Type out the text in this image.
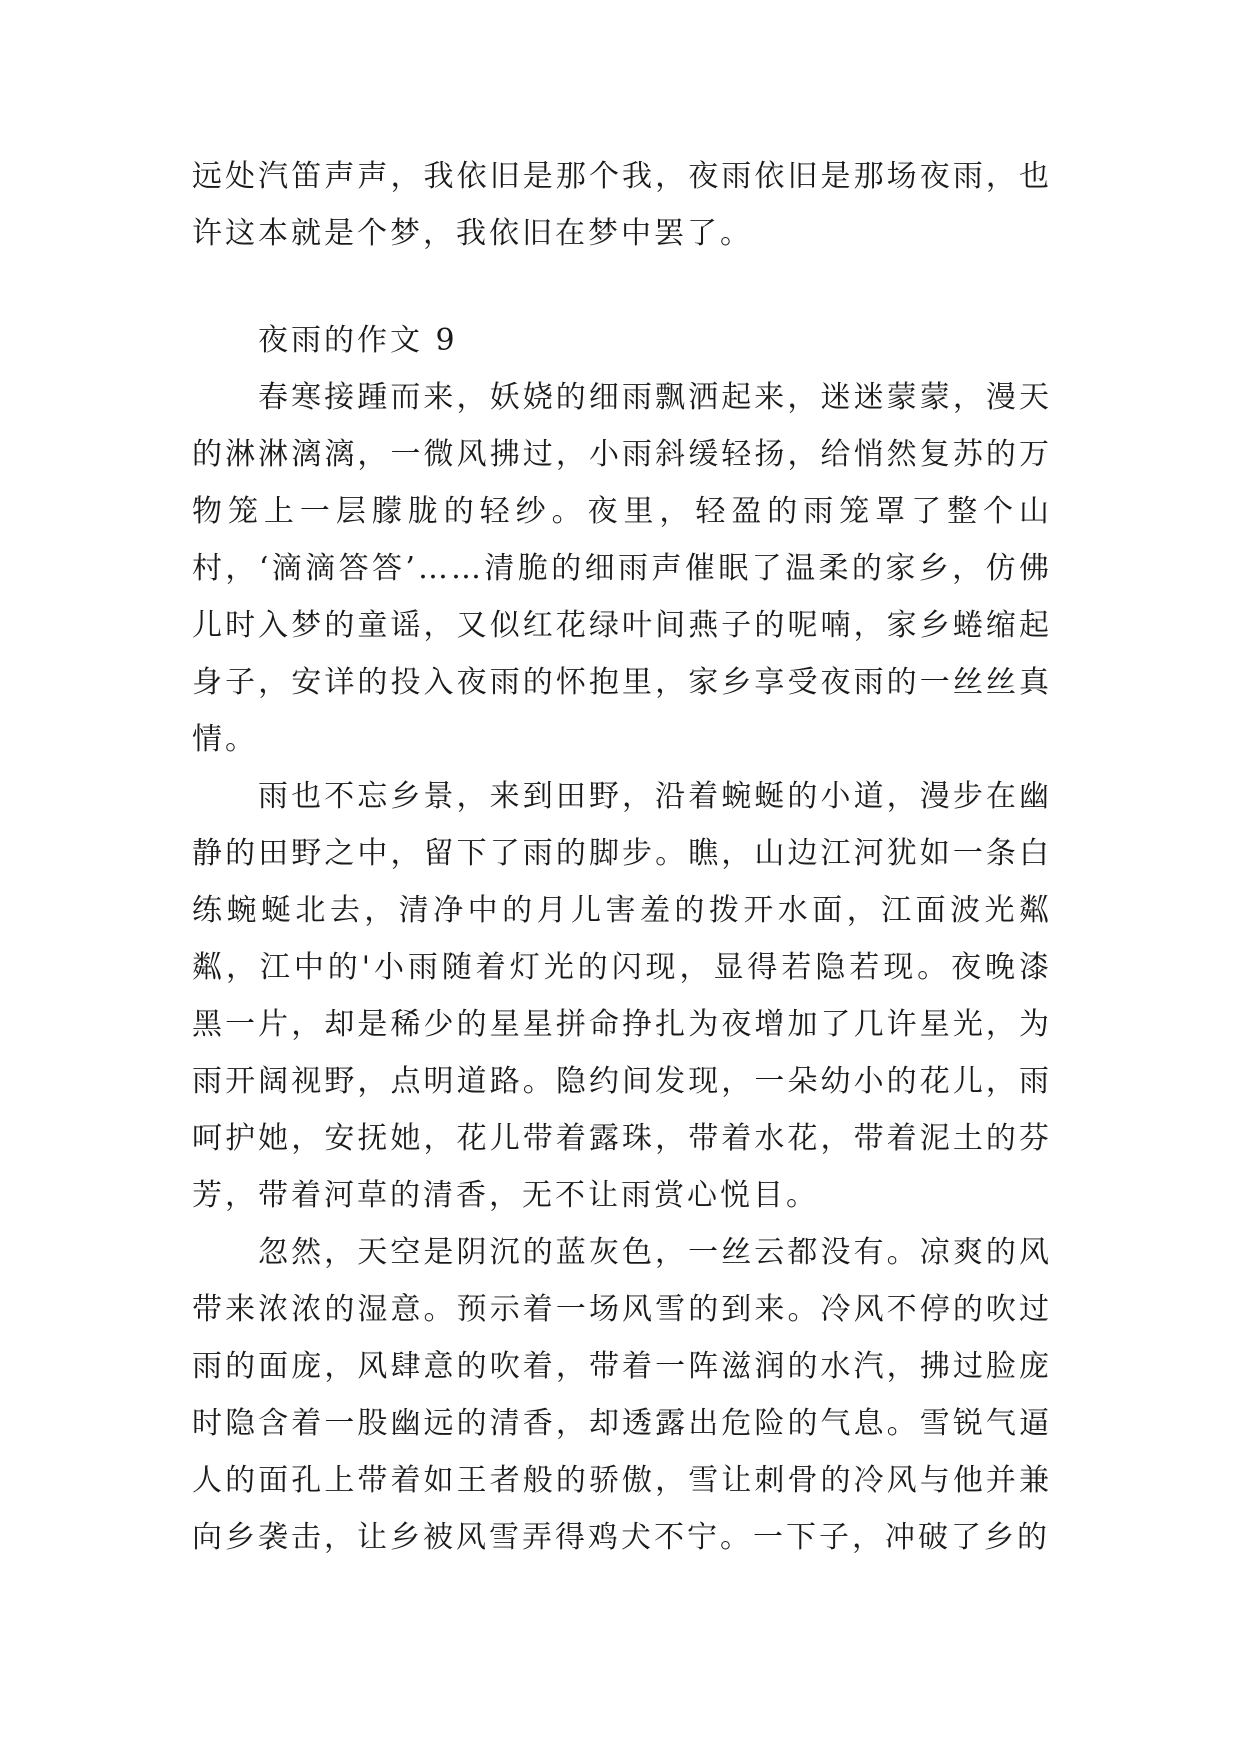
远处汽笛声声，我依旧是那个我，夜雨依旧是那场夜雨，也许这本就是个梦，我依旧在梦中罢了。

夜雨的作文 9

春寒接踵而来，妖娆的细雨飘洒起来，迷迷蒙蒙，漫天的淋淋漓漓，一微风拂过，小雨斜缓轻扬，给悄然复苏的万物笼上一层朦胧的轻纱。夜里，轻盈的雨笼罩了整个山村，‘滴滴答答’……清脆的细雨声催眠了温柔的家乡，仿佛儿时入梦的童谣，又似红花绿叶间燕子的呢喃，家乡蜷缩起身子，安详的投入夜雨的怀抱里，家乡享受夜雨的一丝丝真情。

雨也不忘乡景，来到田野，沿着蜿蜒的小道，漫步在幽静的田野之中，留下了雨的脚步。瞧，山边江河犹如一条白练蜿蜒北去，清净中的月儿害羞的拨开水面，江面波光粼粼，江中的'小雨随着灯光的闪现，显得若隐若现。夜晚漆黑一片，却是稀少的星星拼命挣扎为夜增加了几许星光，为雨开阔视野，点明道路。隐约间发现，一朵幼小的花儿，雨呵护她，安抚她，花儿带着露珠，带着水花，带着泥土的芬芳，带着河草的清香，无不让雨赏心悦目。

忽然，天空是阴沉的蓝灰色，一丝云都没有。凉爽的风带来浓浓的湿意。预示着一场风雪的到来。冷风不停的吹过雨的面庞，风肆意的吹着，带着一阵滋润的水汽，拂过脸庞时隐含着一股幽远的清香，却透露出危险的气息。雪锐气逼人的面孔上带着如王者般的骄傲，雪让刺骨的冷风与他并兼向乡袭击，让乡被风雪弄得鸡犬不宁。一下子，冲破了乡的
